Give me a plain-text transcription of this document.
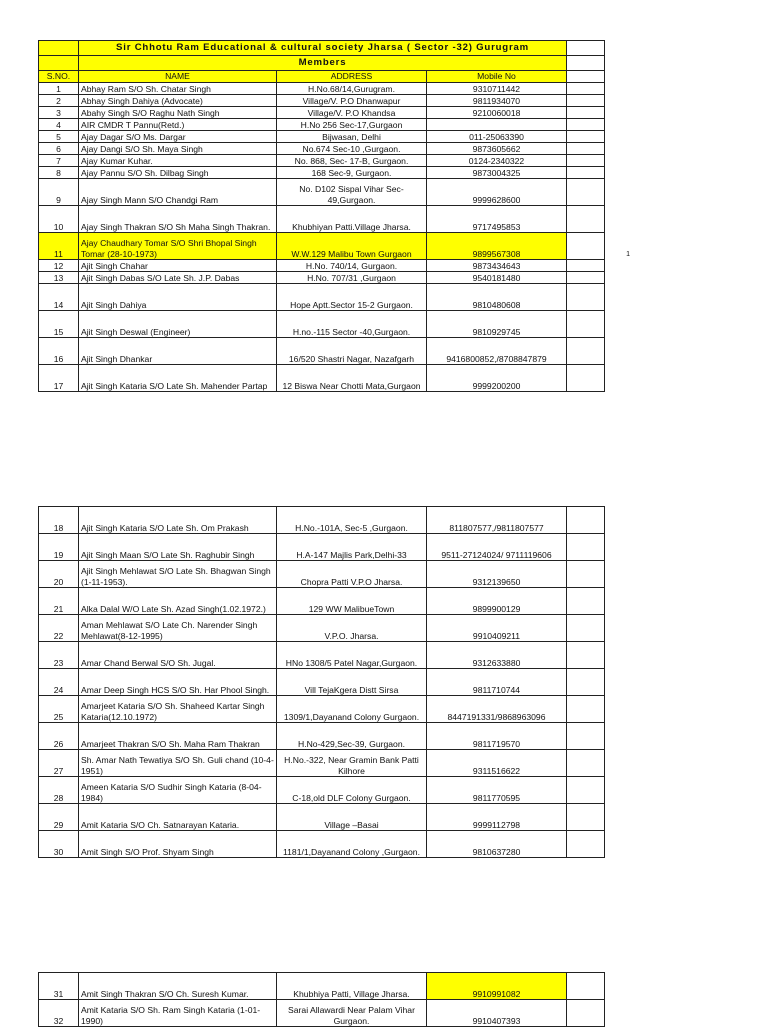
	Sir Chhotu Ram Educational & cultural society Jharsa ( Sector -32) Gurugram				
	Members				
S.NO.	NAME	ADDRESS	Mobile No		
1	Abhay Ram S/O Sh. Chatar Singh	H.No.68/14,Gurugram.	9310711442		
2	Abhay Singh Dahiya (Advocate)	Village/V. P.O Dhanwapur	9811934070		
3	Abahy Singh S/O Raghu Nath Singh	Village/V. P.O Khandsa	9210060018		
4	AIR CMDR T Pannu(Retd.)	H.No 256 Sec-17,Gurgaon			
5	Ajay Dagar S/O Ms. Dargar	Bijwasan, Delhi	011-25063390		
6	Ajay Dangi S/O Sh. Maya Singh	No.674 Sec-10 ,Gurgaon.	9873605662		
7	Ajay Kumar Kuhar.	No. 868, Sec- 17-B, Gurgaon.	0124-2340322		
8	Ajay Pannu S/O Sh. Dilbag Singh	168 Sec-9, Gurgaon.	9873004325		
9	Ajay Singh Mann S/O Chandgi Ram	No. D102 Sispal Vihar Sec-49,Gurgaon.	9999628600		
10	Ajay Singh Thakran S/O Sh Maha Singh Thakran.	Khubhiyan Patti.Village Jharsa.	9717495853		
11	Ajay Chaudhary Tomar S/O Shri Bhopal Singh Tomar (28-10-1973)	W.W.129 Malibu Town Gurgaon	9899567308		1
12	Ajit Singh Chahar	H.No. 740/14, Gurgaon.	9873434643		
13	Ajit Singh Dabas S/O Late Sh. J.P. Dabas	H.No. 707/31 ,Gurgaon	9540181480		
14	Ajit Singh Dahiya	Hope Aptt.Sector 15-2 Gurgaon.	9810480608		
15	Ajit Singh Deswal (Engineer)	H.no.-115 Sector -40,Gurgaon.	9810929745		
16	Ajit Singh Dhankar	16/520 Shastri Nagar, Nazafgarh	9416800852,/8708847879		
17	Ajit Singh Kataria S/O Late Sh. Mahender Partap	12 Biswa Near Chotti Mata,Gurgaon	9999200200		
18	Ajit Singh Kataria S/O Late Sh. Om Prakash	H.No.-101A, Sec-5 ,Gurgaon.	811807577,/9811807577		
19	Ajit Singh Maan S/O Late Sh. Raghubir Singh	H.A-147 Majlis Park,Delhi-33	9511-27124024/ 9711119606		
20	Ajit Singh Mehlawat S/O Late Sh. Bhagwan Singh (1-11-1953).	Chopra Patti V.P.O Jharsa.	9312139650		
21	Alka Dalal W/O Late Sh. Azad Singh(1.02.1972.)	129 WW MalibueTown	9899900129		
22	Aman Mehlawat S/O Late Ch. Narender Singh Mehlawat(8-12-1995)	V.P.O. Jharsa.	9910409211		
23	Amar Chand Berwal S/O Sh. Jugal.	HNo 1308/5 Patel Nagar,Gurgaon.	9312633880		
24	Amar Deep Singh HCS S/O Sh. Har Phool Singh.	Vill TejaKgera Distt Sirsa	9811710744		
25	Amarjeet Kataria S/O Sh. Shaheed Kartar Singh Kataria(12.10.1972)	1309/1,Dayanand Colony Gurgaon.	8447191331/9868963096		
26	Amarjeet Thakran S/O Sh. Maha Ram Thakran	H.No-429,Sec-39, Gurgaon.	9811719570		
27	Sh. Amar Nath Tewatiya S/O Sh. Guli chand (10-4-1951)	H.No.-322, Near Gramin Bank Patti Kilhore	9311516622		
28	Ameen Kataria S/O Sudhir Singh Kataria (8-04-1984)	C-18,old DLF Colony Gurgaon.	9811770595		
29	Amit Kataria S/O Ch. Satnarayan Kataria.	Village –Basai	9999112798		
30	Amit Singh S/O Prof. Shyam Singh	1181/1,Dayanand Colony ,Gurgaon.	9810637280		
31	Amit Singh Thakran S/O Ch. Suresh Kumar.	Khubhiya Patti, Village Jharsa.	9910991082		
32	Amit Kataria S/O Sh. Ram Singh Kataria (1-01-1990)	Sarai Allawardi Near Palam Vihar Gurgaon.	9910407393		
